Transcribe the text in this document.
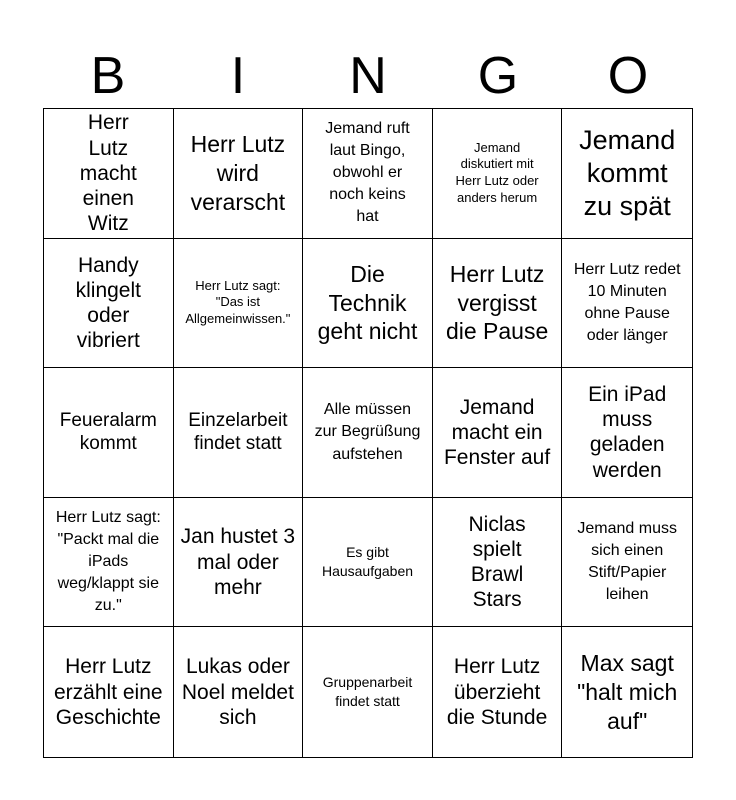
B	I	N	G	O
Herr Lutz macht einen Witz
Herr Lutz wird verarscht
Jemand ruft laut Bingo, obwohl er noch keins hat
Jemand diskutiert mit Herr Lutz oder anders herum
Jemand kommt zu spät
Handy klingelt oder vibriert
Herr Lutz sagt: "Das ist Allgemeinwissen."
Die Technik geht nicht
Herr Lutz vergisst die Pause
Herr Lutz redet 10 Minuten ohne Pause oder länger
Feueralarm kommt
Einzelarbeit findet statt
Alle müssen zur Begrüßung aufstehen
Jemand macht ein Fenster auf
Ein iPad muss geladen werden
Herr Lutz sagt: "Packt mal die iPads weg/klappt sie zu."
Jan hustet 3 mal oder mehr
Es gibt Hausaufgaben
Niclas spielt Brawl Stars
Jemand muss sich einen Stift/Papier leihen
Herr Lutz erzählt eine Geschichte
Lukas oder Noel meldet sich
Gruppenarbeit findet statt
Herr Lutz überzieht die Stunde
Max sagt "halt mich auf"
